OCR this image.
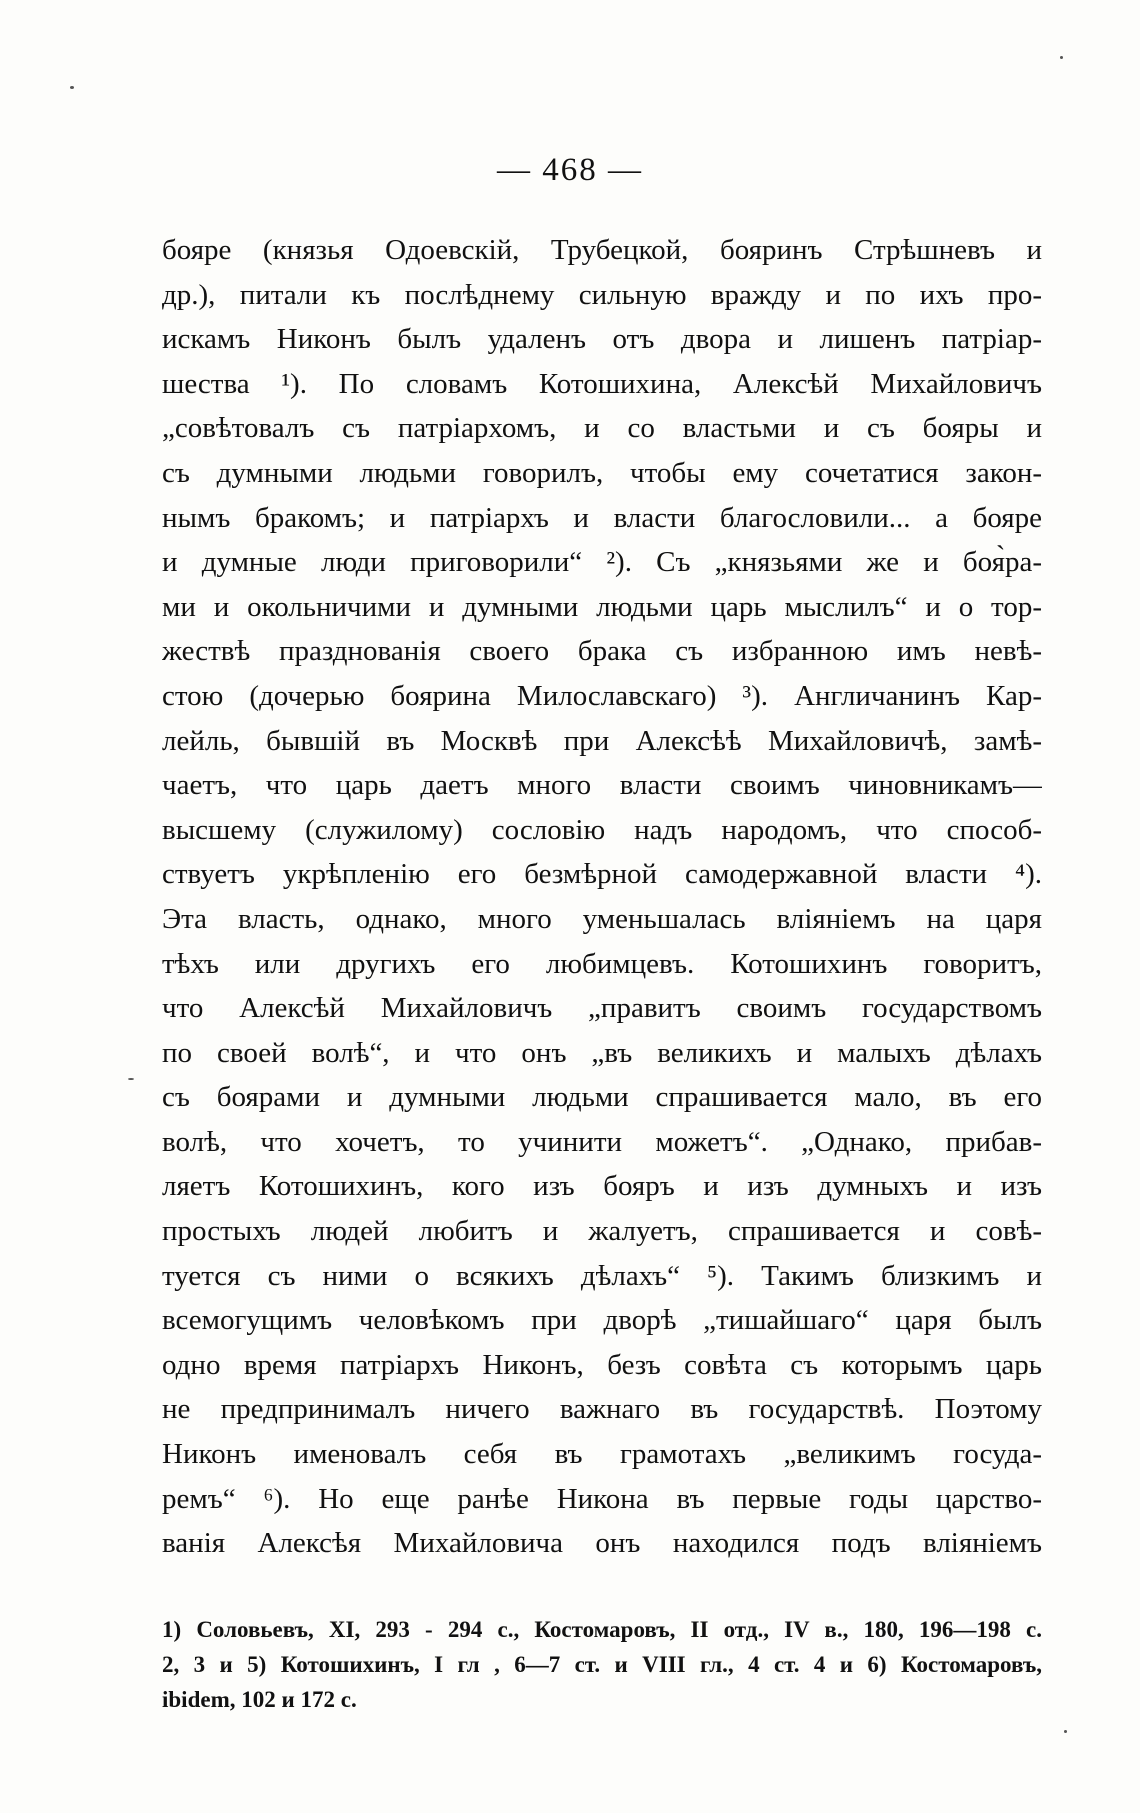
— 468 —
бояре (князья Одоевскій, Трубецкой, бояринъ Стрѣшневъ и
др.), питали къ послѣднему сильную вражду и по ихъ про-
искамъ Никонъ былъ удаленъ отъ двора и лишенъ патріар-
шества ¹). По словамъ Котошихина, Алексѣй Михайловичъ
„совѣтовалъ съ патріархомъ, и со властьми и съ бояры и
съ думными людьми говорилъ, чтобы ему сочетатися закон-
нымъ бракомъ; и патріархъ и власти благословили... а бояре
и думные люди приговорили“ ²). Съ „князьями же и боя̀ра-
ми и окольничими и думными людьми царь мыслилъ“ и о тор-
жествѣ празднованія своего брака съ избранною имъ невѣ-
стою (дочерью боярина Милославскаго) ³). Англичанинъ Кар-
лейль, бывшій въ Москвѣ при Алексѣѣ Михайловичѣ, замѣ-
чаетъ, что царь даетъ много власти своимъ чиновникамъ—
высшему (служилому) сословію надъ народомъ, что способ-
ствуетъ укрѣпленію его безмѣрной самодержавной власти ⁴).
Эта власть, однако, много уменьшалась вліяніемъ на царя
тѣхъ или другихъ его любимцевъ. Котошихинъ говоритъ,
что Алексѣй Михайловичъ „правитъ своимъ государствомъ
по своей волѣ“, и что онъ „въ великихъ и малыхъ дѣлахъ
съ боярами и думными людьми спрашивается мало, въ его
волѣ, что хочетъ, то учинити можетъ“. „Однако, прибав-
ляетъ Котошихинъ, кого изъ бояръ и изъ думныхъ и изъ
простыхъ людей любитъ и жалуетъ, спрашивается и совѣ-
туется съ ними о всякихъ дѣлахъ“ ⁵). Такимъ близкимъ и
всемогущимъ человѣкомъ при дворѣ „тишайшаго“ царя былъ
одно время патріархъ Никонъ, безъ совѣта съ которымъ царь
не предпринималъ ничего важнаго въ государствѣ. Поэтому
Никонъ именовалъ себя въ грамотахъ „великимъ госуда-
ремъ“ ⁶). Но еще ранѣе Никона въ первые годы царство-
ванія Алексѣя Михайловича онъ находился подъ вліяніемъ
1) Соловьевъ, XI, 293 - 294 с., Костомаровъ, II отд., IV в., 180, 196—198 с.
2, 3 и 5) Котошихинъ, I гл , 6—7 ст. и VIII гл., 4 ст. 4 и 6) Костомаровъ,
ibidem, 102 и 172 с.
